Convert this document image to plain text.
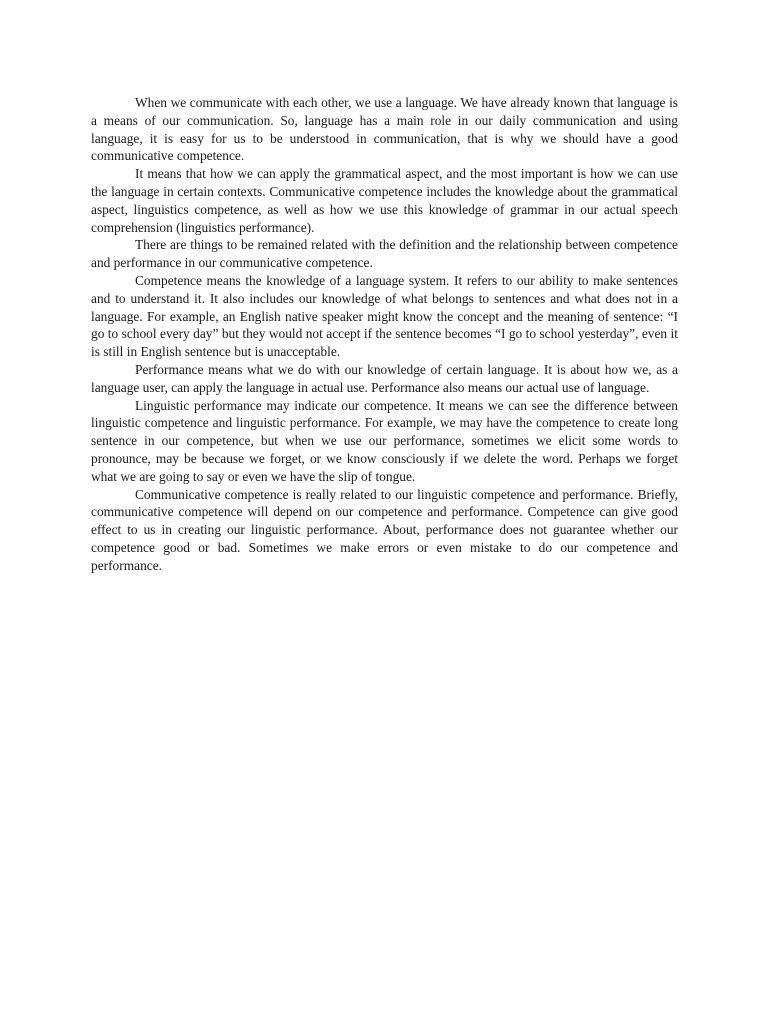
When we communicate with each other, we use a language. We have already known that language is a means of our communication. So, language has a main role in our daily communication and using language, it is easy for us to be understood in communication, that is why we should have a good communicative competence.

It means that how we can apply the grammatical aspect, and the most important is how we can use the language in certain contexts. Communicative competence includes the knowledge about the grammatical aspect, linguistics competence, as well as how we use this knowledge of grammar in our actual speech comprehension (linguistics performance).

There are things to be remained related with the definition and the relationship between competence and performance in our communicative competence.

Competence means the knowledge of a language system. It refers to our ability to make sentences and to understand it. It also includes our knowledge of what belongs to sentences and what does not in a language. For example, an English native speaker might know the concept and the meaning of sentence: “I go to school every day” but they would not accept if the sentence becomes “I go to school yesterday”, even it is still in English sentence but is unacceptable.

Performance means what we do with our knowledge of certain language. It is about how we, as a language user, can apply the language in actual use. Performance also means our actual use of language.

Linguistic performance may indicate our competence. It means we can see the difference between linguistic competence and linguistic performance. For example, we may have the competence to create long sentence in our competence, but when we use our performance, sometimes we elicit some words to pronounce, may be because we forget, or we know consciously if we delete the word. Perhaps we forget what we are going to say or even we have the slip of tongue.

Communicative competence is really related to our linguistic competence and performance. Briefly, communicative competence will depend on our competence and performance. Competence can give good effect to us in creating our linguistic performance. About, performance does not guarantee whether our competence good or bad. Sometimes we make errors or even mistake to do our competence and performance.
